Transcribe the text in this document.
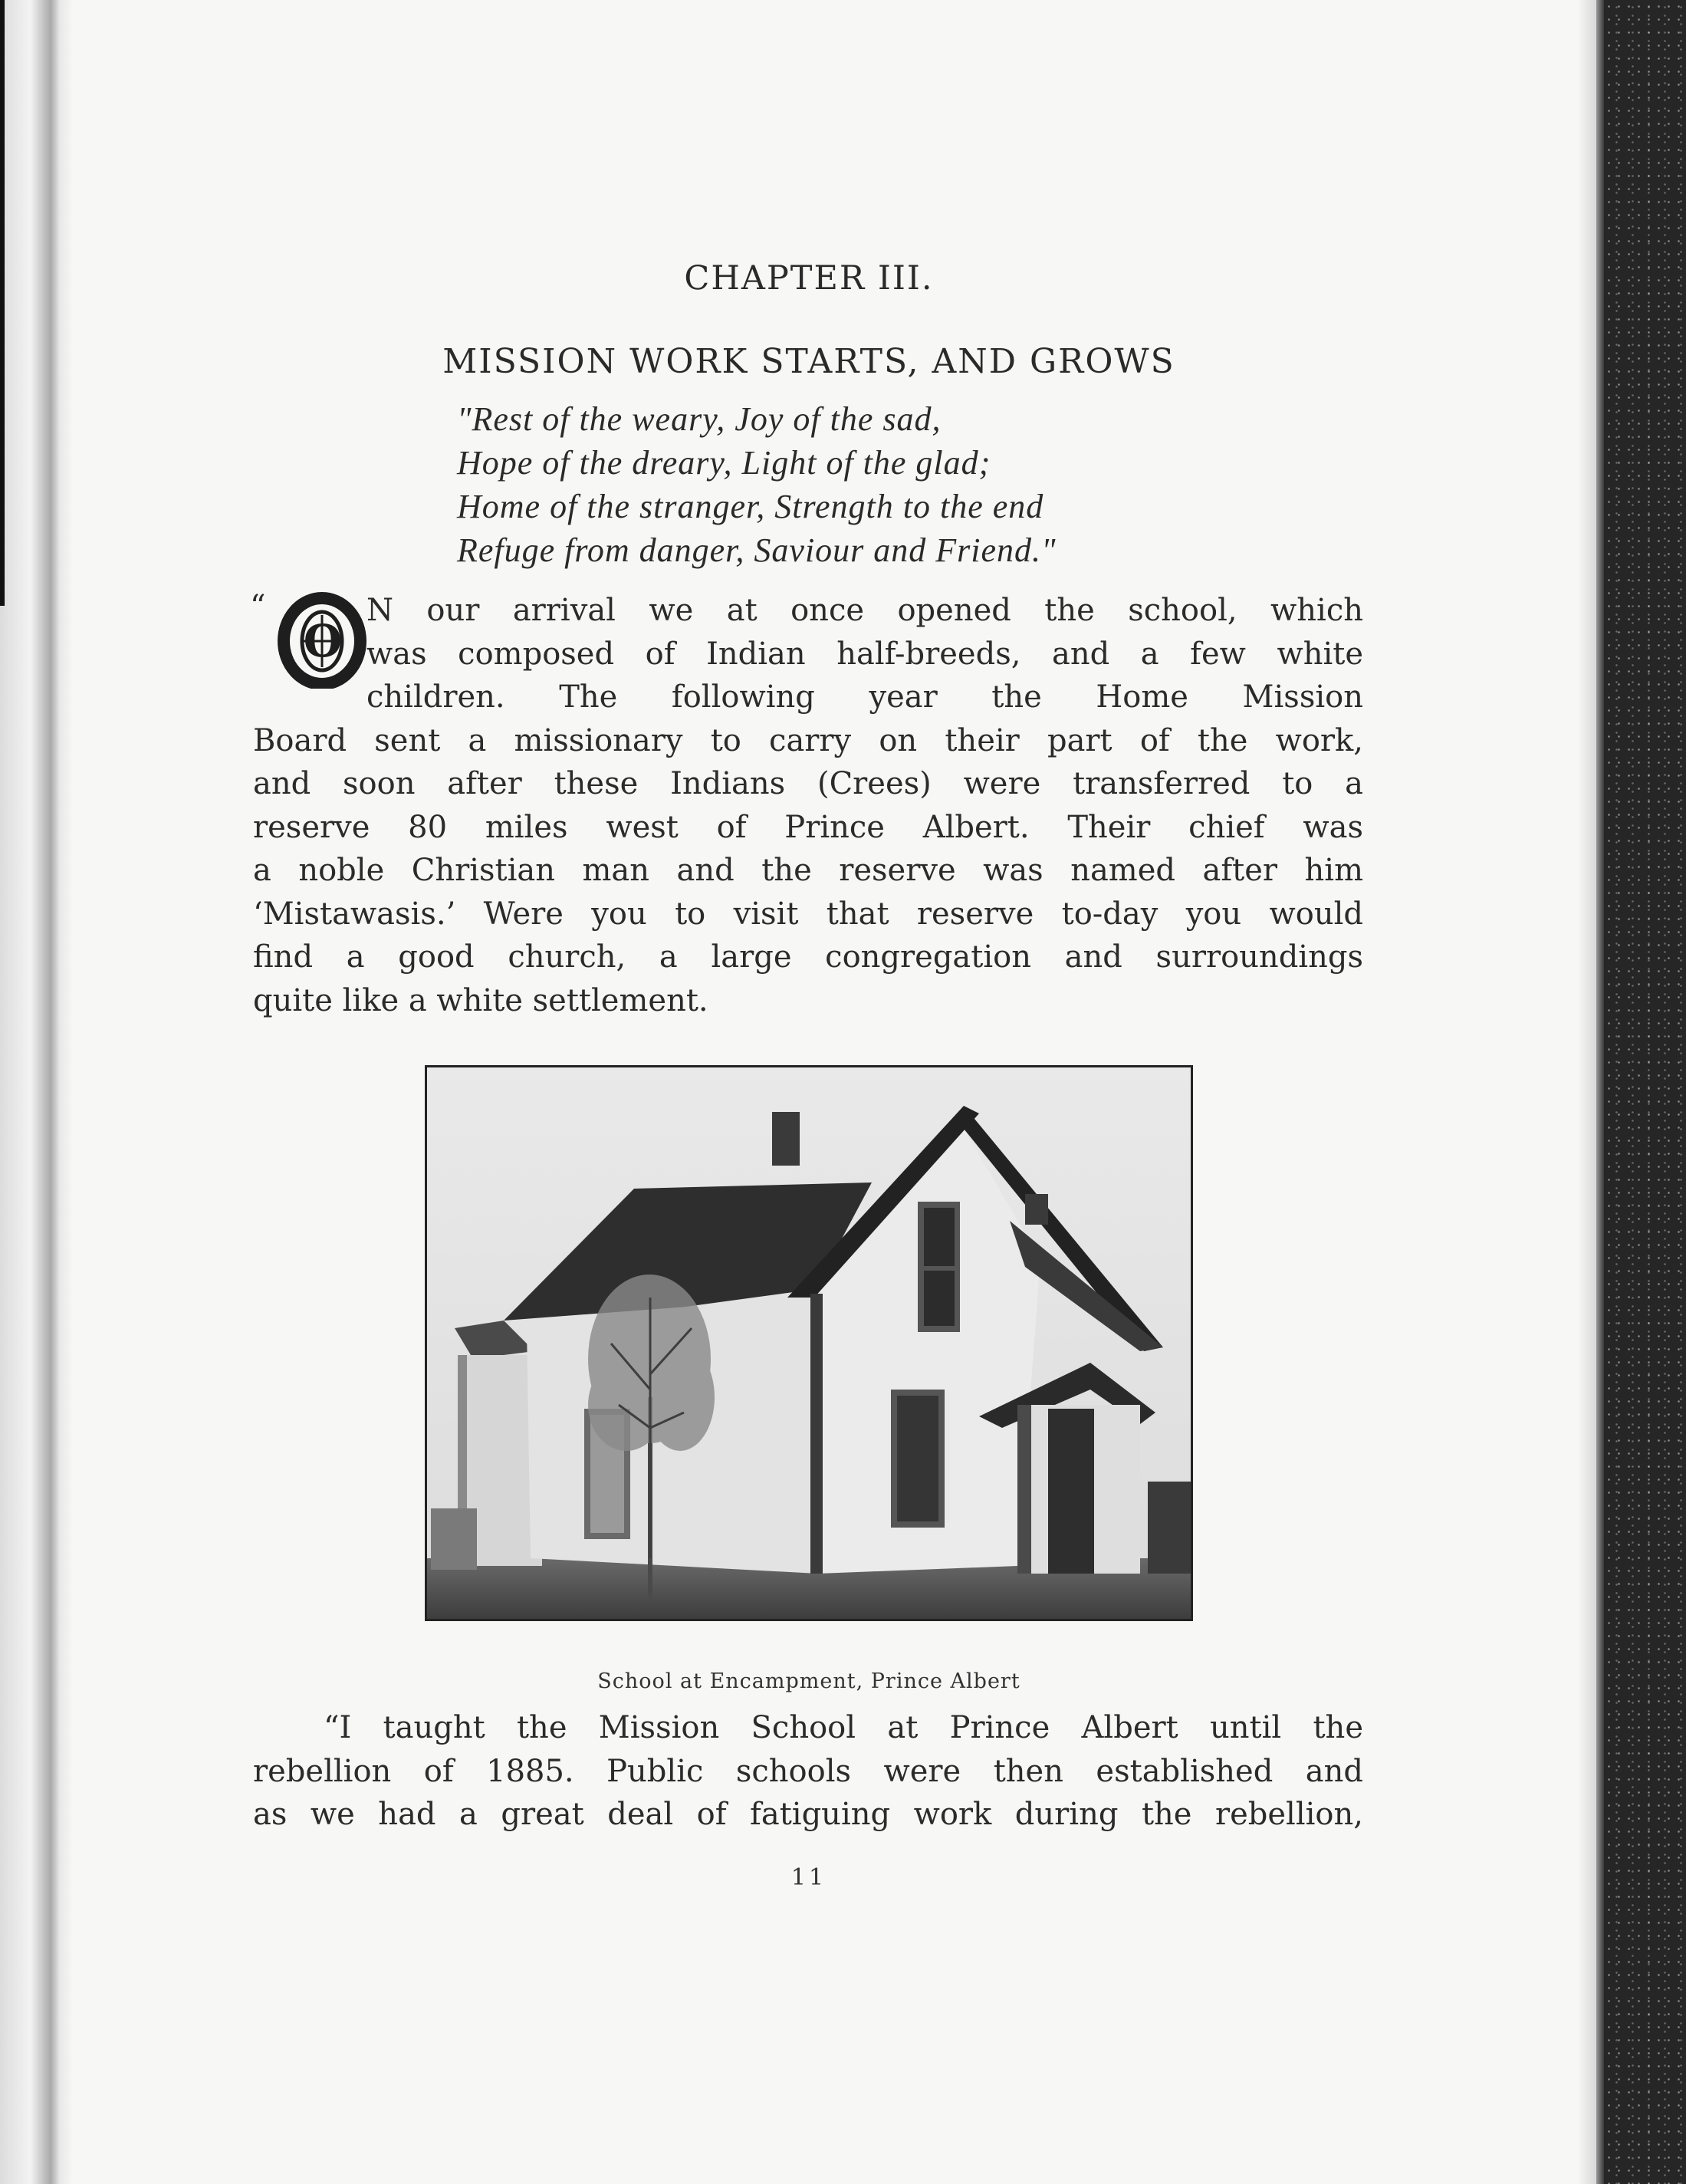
CHAPTER III.
MISSION WORK STARTS, AND GROWS
"Rest of the weary, Joy of the sad,
Hope of the dreary, Light of the glad;
Home of the stranger, Strength to the end
Refuge from danger, Saviour and Friend."
“
O
N our arrival we at once opened the school, which
was composed of Indian half-breeds, and a few white
children. The following year the Home Mission
Board sent a missionary to carry on their part of the work,
and soon after these Indians (Crees) were transferred to a
reserve 80 miles west of Prince Albert. Their chief was
a noble Christian man and the reserve was named after him
‘Mistawasis.’ Were you to visit that reserve to-day you would
find a good church, a large congregation and surroundings
quite like a white settlement.
School at Encampment, Prince Albert
“I taught the Mission School at Prince Albert until the
rebellion of 1885. Public schools were then established and
as we had a great deal of fatiguing work during the rebellion,
11
